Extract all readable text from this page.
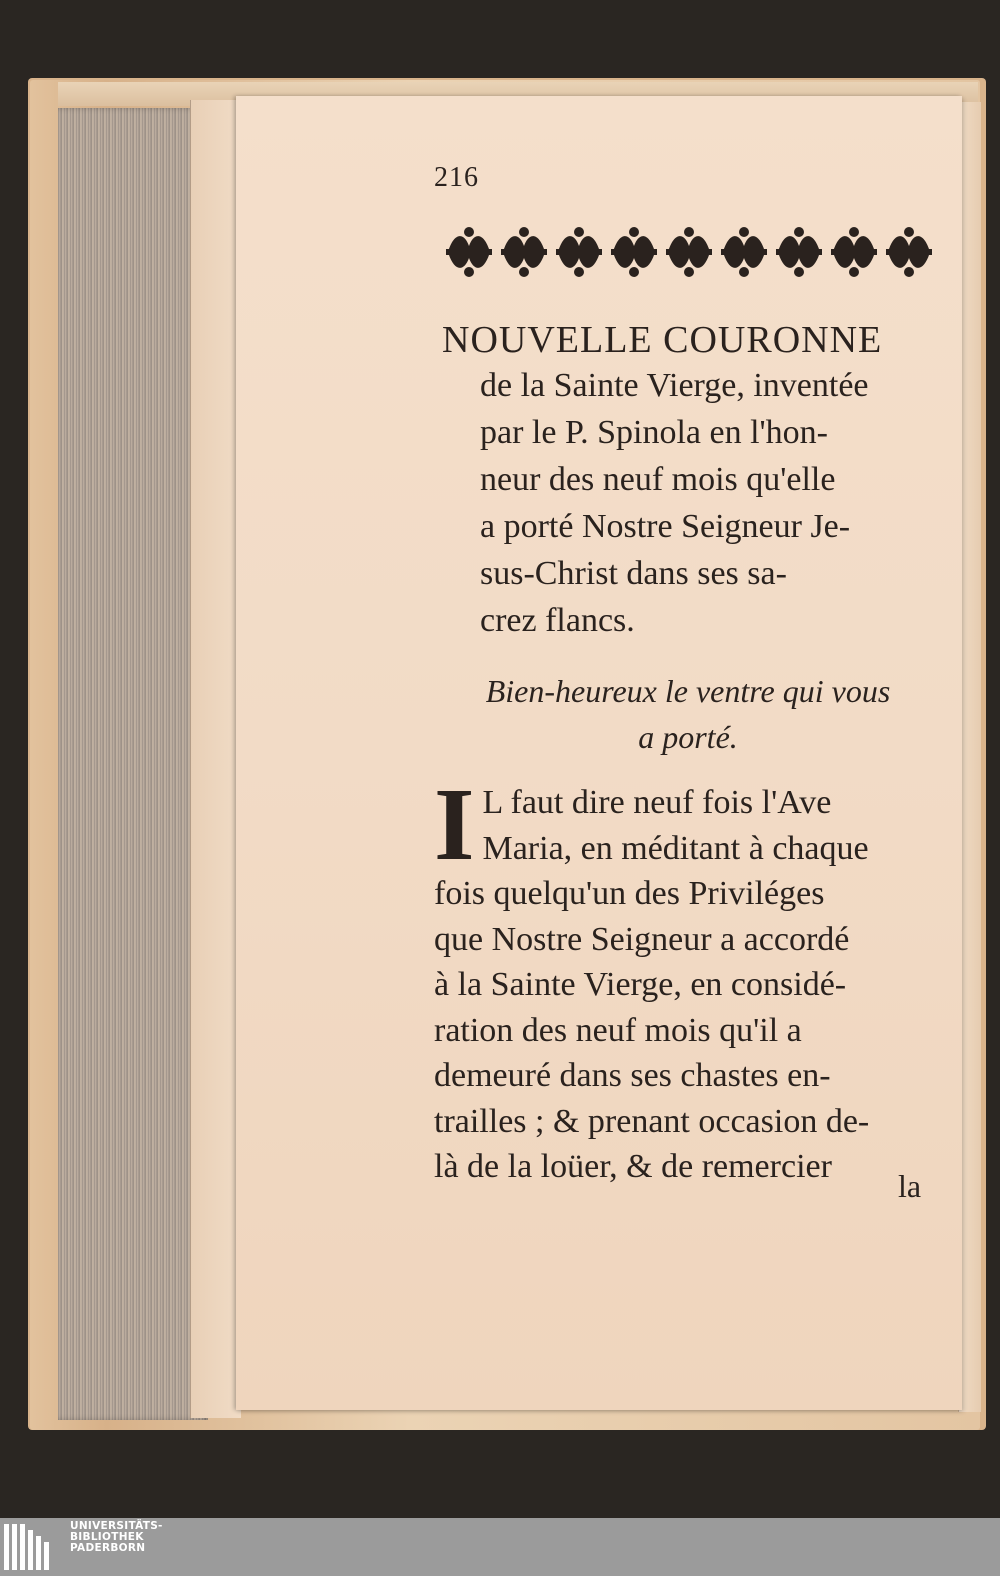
216
NOUVELLE COURONNE
de la Sainte Vierge, inventée
par le P. Spinola en l'hon-
neur des neuf mois qu'elle
a porté Nostre Seigneur Je-
sus-Christ dans ses sa-
crez flancs.
Bien-heureux le ventre qui vous
a porté.
I L faut dire neuf fois l'Ave
Maria, en méditant à chaque
fois quelqu'un des Priviléges
que Nostre Seigneur a accordé
à la Sainte Vierge, en considé-
ration des neuf mois qu'il a
demeuré dans ses chastes en-
trailles ; & prenant occasion de-
là de la loüer, & de remercier
la
UNIVERSITÄTS-
BIBLIOTHEK
PADERBORN
